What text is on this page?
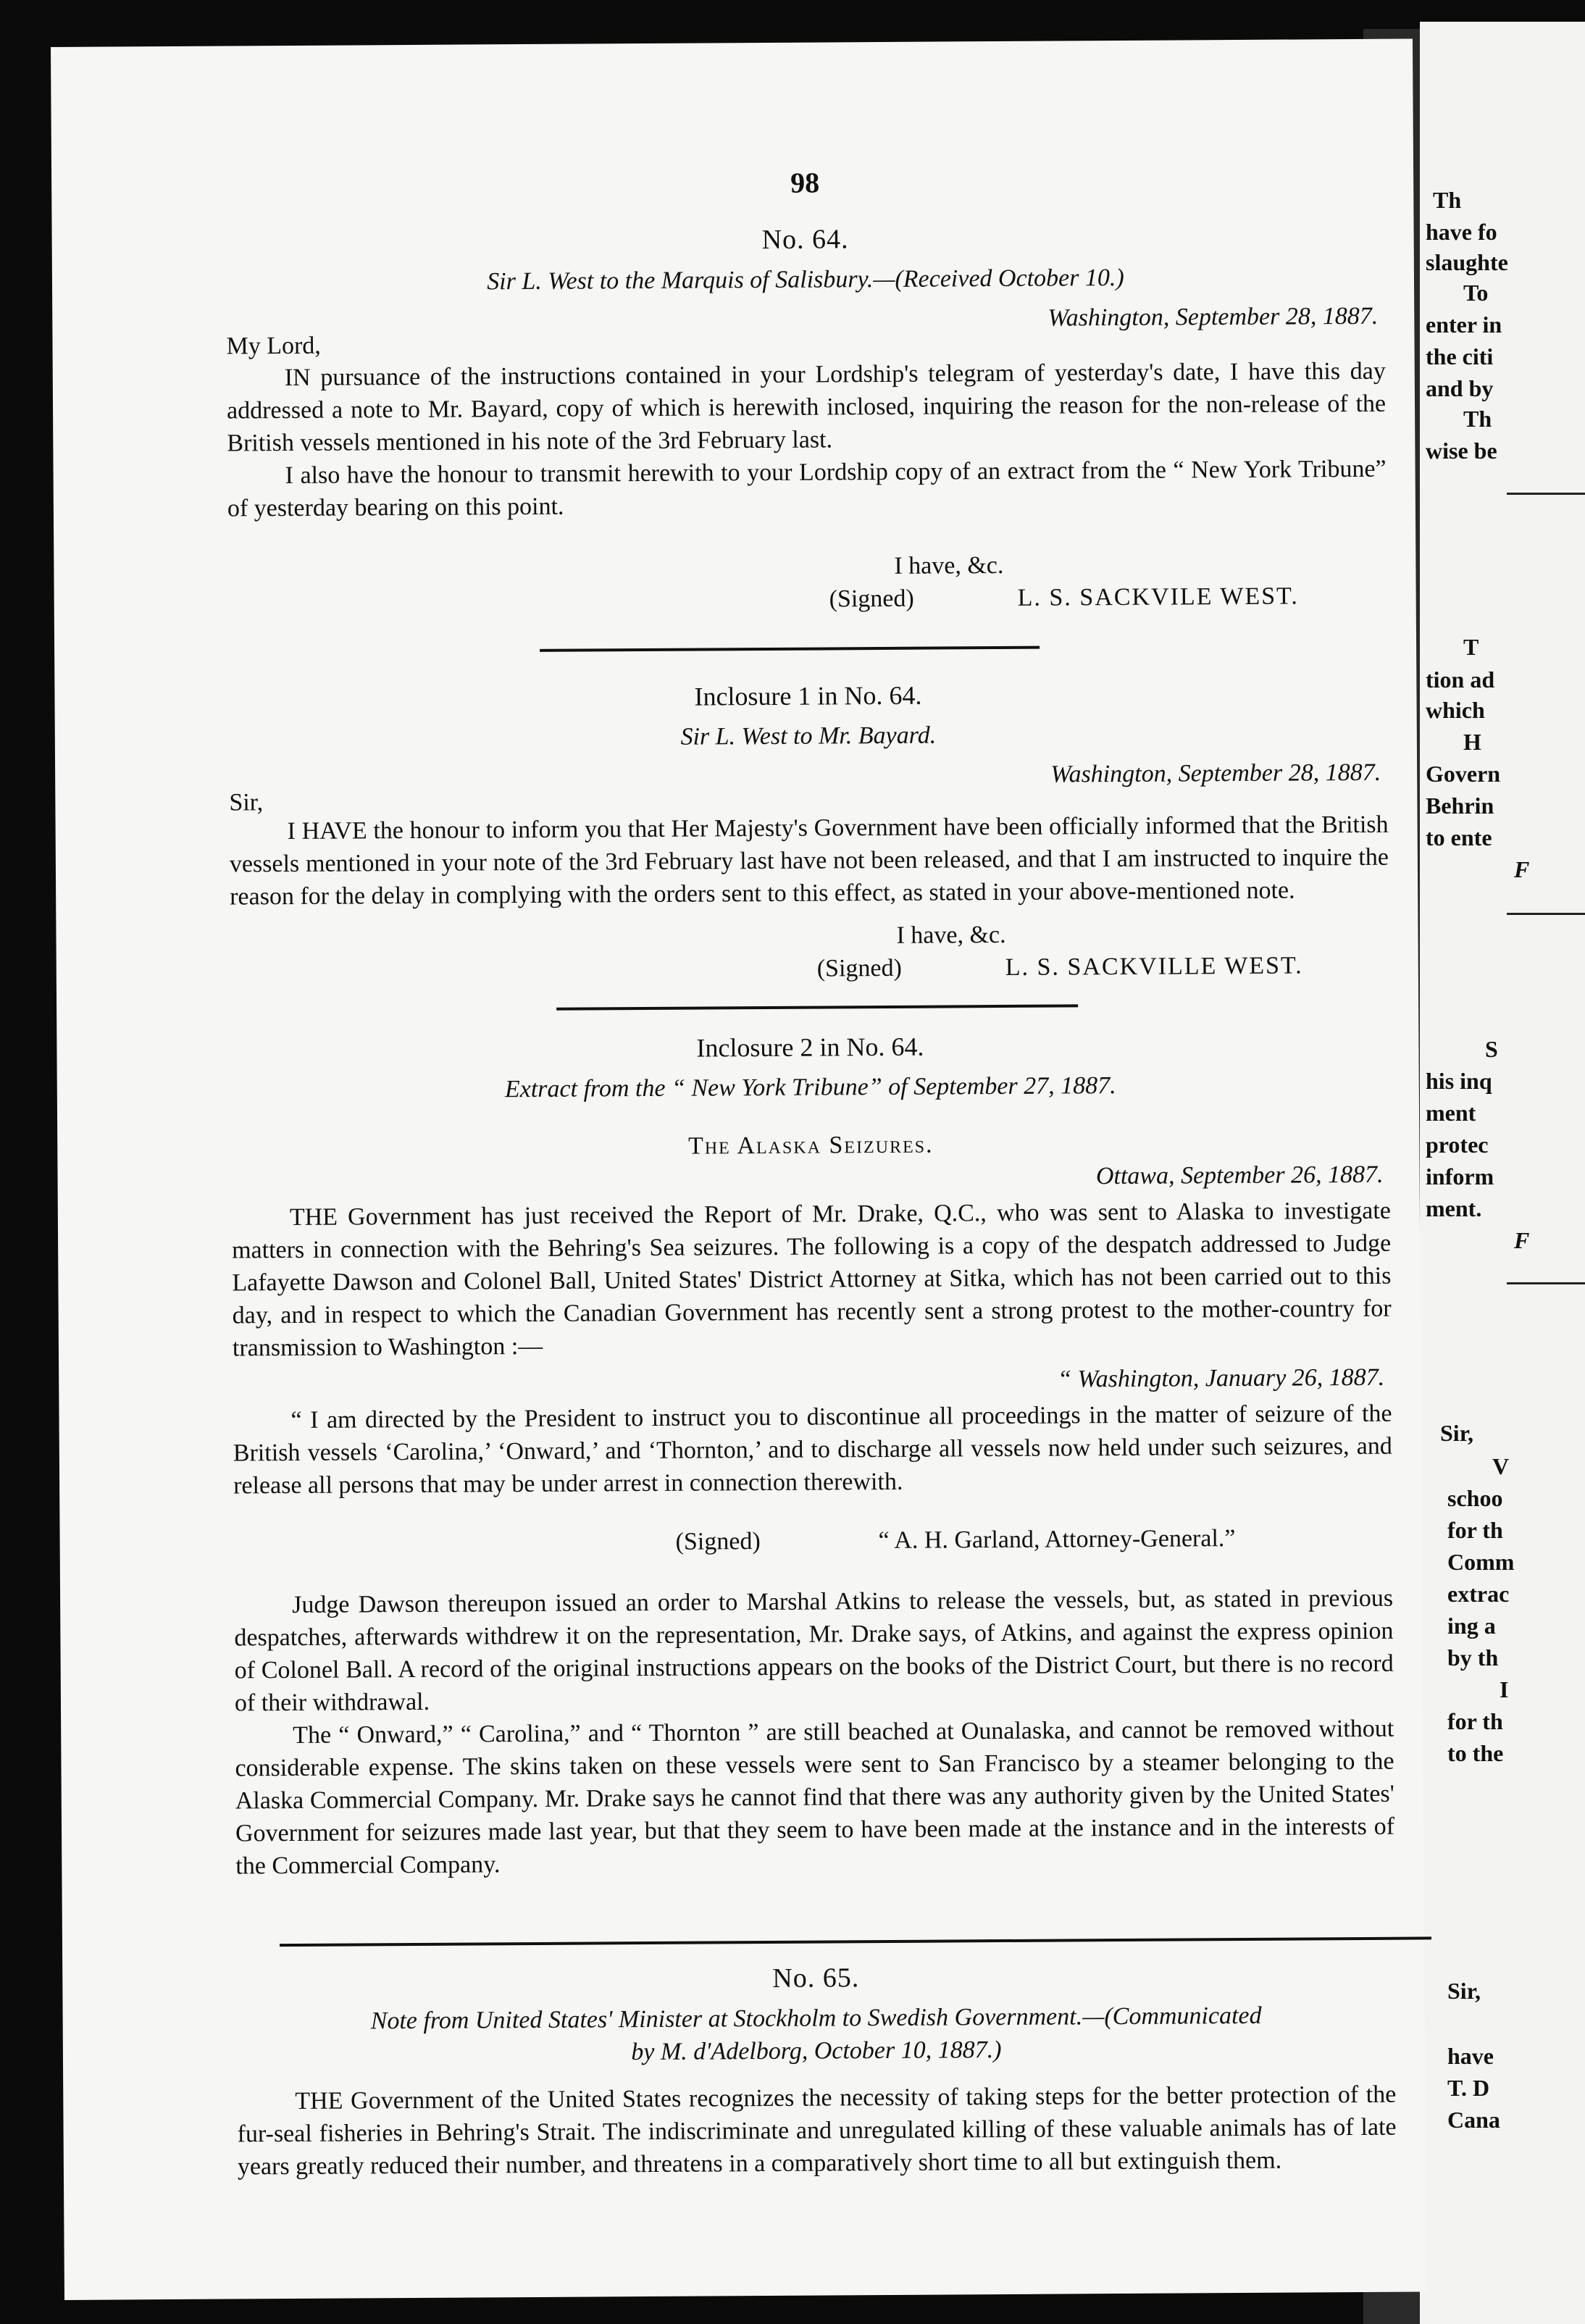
Th
have fo
slaughte
To
enter in
the citi
and by
Th
wise be
T
tion ad
which
H
Govern
Behrin
to ente
F
S
his inq
ment
protec
inform
ment.
F
Sir,
V
schoo
for th
Comm
extrac
ing a
by th
I
for th
to the
Sir,
have
T. D
Cana
98
No. 64.
Sir L. West to the Marquis of Salisbury.—(Received October 10.)
Washington, September 28, 1887.
My Lord,

IN pursuance of the instructions contained in your Lordship's telegram of yesterday's date, I have this day addressed a note to Mr. Bayard, copy of which is herewith inclosed, inquiring the reason for the non-release of the British vessels mentioned in his note of the 3rd February last.

I also have the honour to transmit herewith to your Lordship copy of an extract from the “ New York Tribune” of yesterday bearing on this point.

I have, &c.
(Signed)	L. S. SACKVILE WEST.
Inclosure 1 in No. 64.
Sir L. West to Mr. Bayard.
Washington, September 28, 1887.
Sir,

I HAVE the honour to inform you that Her Majesty's Government have been officially informed that the British vessels mentioned in your note of the 3rd February last have not been released, and that I am instructed to inquire the reason for the delay in complying with the orders sent to this effect, as stated in your above-mentioned note.

I have, &c.
(Signed)	L. S. SACKVILLE WEST.
Inclosure 2 in No. 64.
Extract from the “ New York Tribune” of September 27, 1887.
The Alaska Seizures.
Ottawa, September 26, 1887.

THE Government has just received the Report of Mr. Drake, Q.C., who was sent to Alaska to investigate matters in connection with the Behring's Sea seizures. The following is a copy of the despatch addressed to Judge Lafayette Dawson and Colonel Ball, United States' District Attorney at Sitka, which has not been carried out to this day, and in respect to which the Canadian Government has recently sent a strong protest to the mother-country for transmission to Washington :—

“ Washington, January 26, 1887.

“ I am directed by the President to instruct you to discontinue all proceedings in the matter of seizure of the British vessels ‘Carolina,’ ‘Onward,’ and ‘Thornton,’ and to discharge all vessels now held under such seizures, and release all persons that may be under arrest in connection therewith.

(Signed)	“ A. H. Garland, Attorney-General.”

Judge Dawson thereupon issued an order to Marshal Atkins to release the vessels, but, as stated in previous despatches, afterwards withdrew it on the representation, Mr. Drake says, of Atkins, and against the express opinion of Colonel Ball. A record of the original instructions appears on the books of the District Court, but there is no record of their withdrawal.

The “ Onward,” “ Carolina,” and “ Thornton ” are still beached at Ounalaska, and cannot be removed without considerable expense. The skins taken on these vessels were sent to San Francisco by a steamer belonging to the Alaska Commercial Company. Mr. Drake says he cannot find that there was any authority given by the United States' Government for seizures made last year, but that they seem to have been made at the instance and in the interests of the Commercial Company.

No. 65.
Note from United States' Minister at Stockholm to Swedish Government.—(Communicated
by M. d'Adelborg, October 10, 1887.)

THE Government of the United States recognizes the necessity of taking steps for the better protection of the fur-seal fisheries in Behring's Strait. The indiscriminate and unregulated killing of these valuable animals has of late years greatly reduced their number, and threatens in a comparatively short time to all but extinguish them.
